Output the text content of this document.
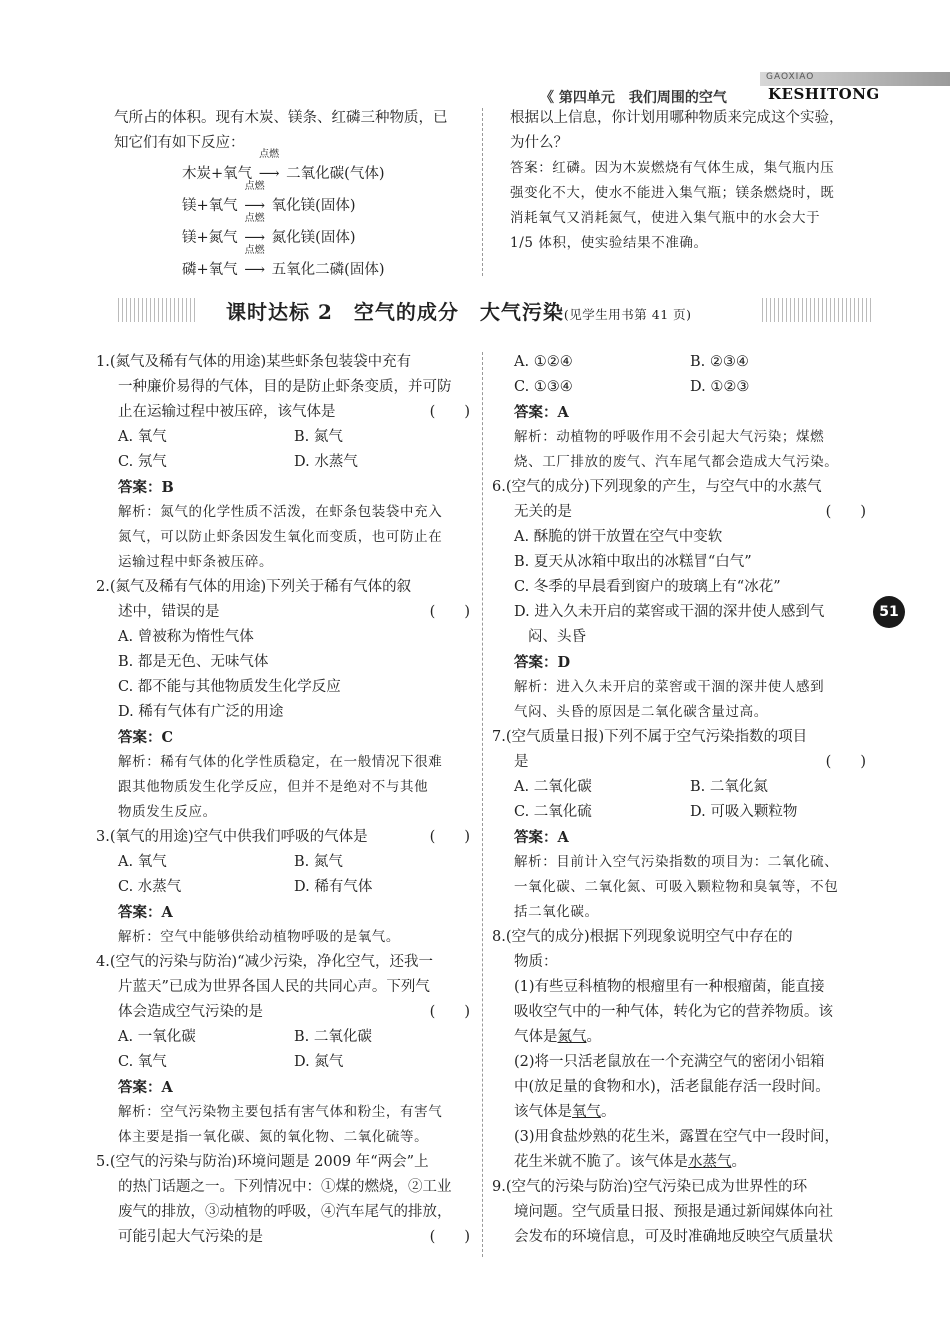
GAOXIAO
《 第四单元　我们周围的空气	KESHITONG

气所占的体积。现有木炭、镁条、红磷三种物质，已

知它们有如下反应：

木炭+氧气
点燃
⟶ 二氧化碳(气体)

镁+氧气
点燃
⟶ 氧化镁(固体)

镁+氮气
点燃
⟶ 氮化镁(固体)

磷+氧气
点燃
⟶ 五氧化二磷(固体)

根据以上信息，你计划用哪种物质来完成这个实验，

为什么？

答案：红磷。因为木炭燃烧有气体生成，集气瓶内压

强变化不大，使水不能进入集气瓶；镁条燃烧时，既

消耗氧气又消耗氮气，使进入集气瓶中的水会大于

1/5 体积，使实验结果不准确。

课时达标 2　空气的成分　大气污染(见学生用书第 41 页)

1.(氮气及稀有气体的用途)某些虾条包装袋中充有

一种廉价易得的气体，目的是防止虾条变质，并可防

止在运输过程中被压碎，该气体是	(　　)

A. 氧气	B. 氮气

C. 氖气	D. 水蒸气

答案：B

解析：氮气的化学性质不活泼，在虾条包装袋中充入

氮气，可以防止虾条因发生氧化而变质，也可防止在

运输过程中虾条被压碎。

2.(氮气及稀有气体的用途)下列关于稀有气体的叙

述中，错误的是	(　　)

A. 曾被称为惰性气体

B. 都是无色、无味气体

C. 都不能与其他物质发生化学反应

D. 稀有气体有广泛的用途

答案：C

解析：稀有气体的化学性质稳定，在一般情况下很难

跟其他物质发生化学反应，但并不是绝对不与其他

物质发生反应。

3.(氧气的用途)空气中供我们呼吸的气体是	(　　)

A. 氧气	B. 氮气

C. 水蒸气	D. 稀有气体

答案：A

解析：空气中能够供给动植物呼吸的是氧气。

4.(空气的污染与防治)“减少污染，净化空气，还我一

片蓝天”已成为世界各国人民的共同心声。下列气

体会造成空气污染的是	(　　)

A. 一氧化碳	B. 二氧化碳

C. 氧气	D. 氮气

答案：A

解析：空气污染物主要包括有害气体和粉尘，有害气

体主要是指一氧化碳、氮的氧化物、二氧化硫等。

5.(空气的污染与防治)环境问题是 2009 年“两会”上

的热门话题之一。下列情况中：①煤的燃烧，②工业

废气的排放，③动植物的呼吸，④汽车尾气的排放，

可能引起大气污染的是	(　　)

A. ①②④	B. ②③④

C. ①③④	D. ①②③

答案：A

解析：动植物的呼吸作用不会引起大气污染；煤燃

烧、工厂排放的废气、汽车尾气都会造成大气污染。

6.(空气的成分)下列现象的产生，与空气中的水蒸气

无关的是	(　　)

A. 酥脆的饼干放置在空气中变软

B. 夏天从冰箱中取出的冰糕冒“白气”

C. 冬季的早晨看到窗户的玻璃上有“冰花”

D. 进入久未开启的菜窖或干涸的深井使人感到气

闷、头昏

答案：D

解析：进入久未开启的菜窖或干涸的深井使人感到

气闷、头昏的原因是二氧化碳含量过高。

7.(空气质量日报)下列不属于空气污染指数的项目

是	(　　)

A. 二氧化碳	B. 二氧化氮

C. 二氧化硫	D. 可吸入颗粒物

答案：A

解析：目前计入空气污染指数的项目为：二氧化硫、

一氧化碳、二氧化氮、可吸入颗粒物和臭氧等，不包

括二氧化碳。

8.(空气的成分)根据下列现象说明空气中存在的

物质：

(1)有些豆科植物的根瘤里有一种根瘤菌，能直接

吸收空气中的一种气体，转化为它的营养物质。该

气体是氮气。

(2)将一只活老鼠放在一个充满空气的密闭小铝箱

中(放足量的食物和水)，活老鼠能存活一段时间。

该气体是氧气。

(3)用食盐炒熟的花生米，露置在空气中一段时间，

花生米就不脆了。该气体是水蒸气。

9.(空气的污染与防治)空气污染已成为世界性的环

境问题。空气质量日报、预报是通过新闻媒体向社

会发布的环境信息，可及时准确地反映空气质量状

51
